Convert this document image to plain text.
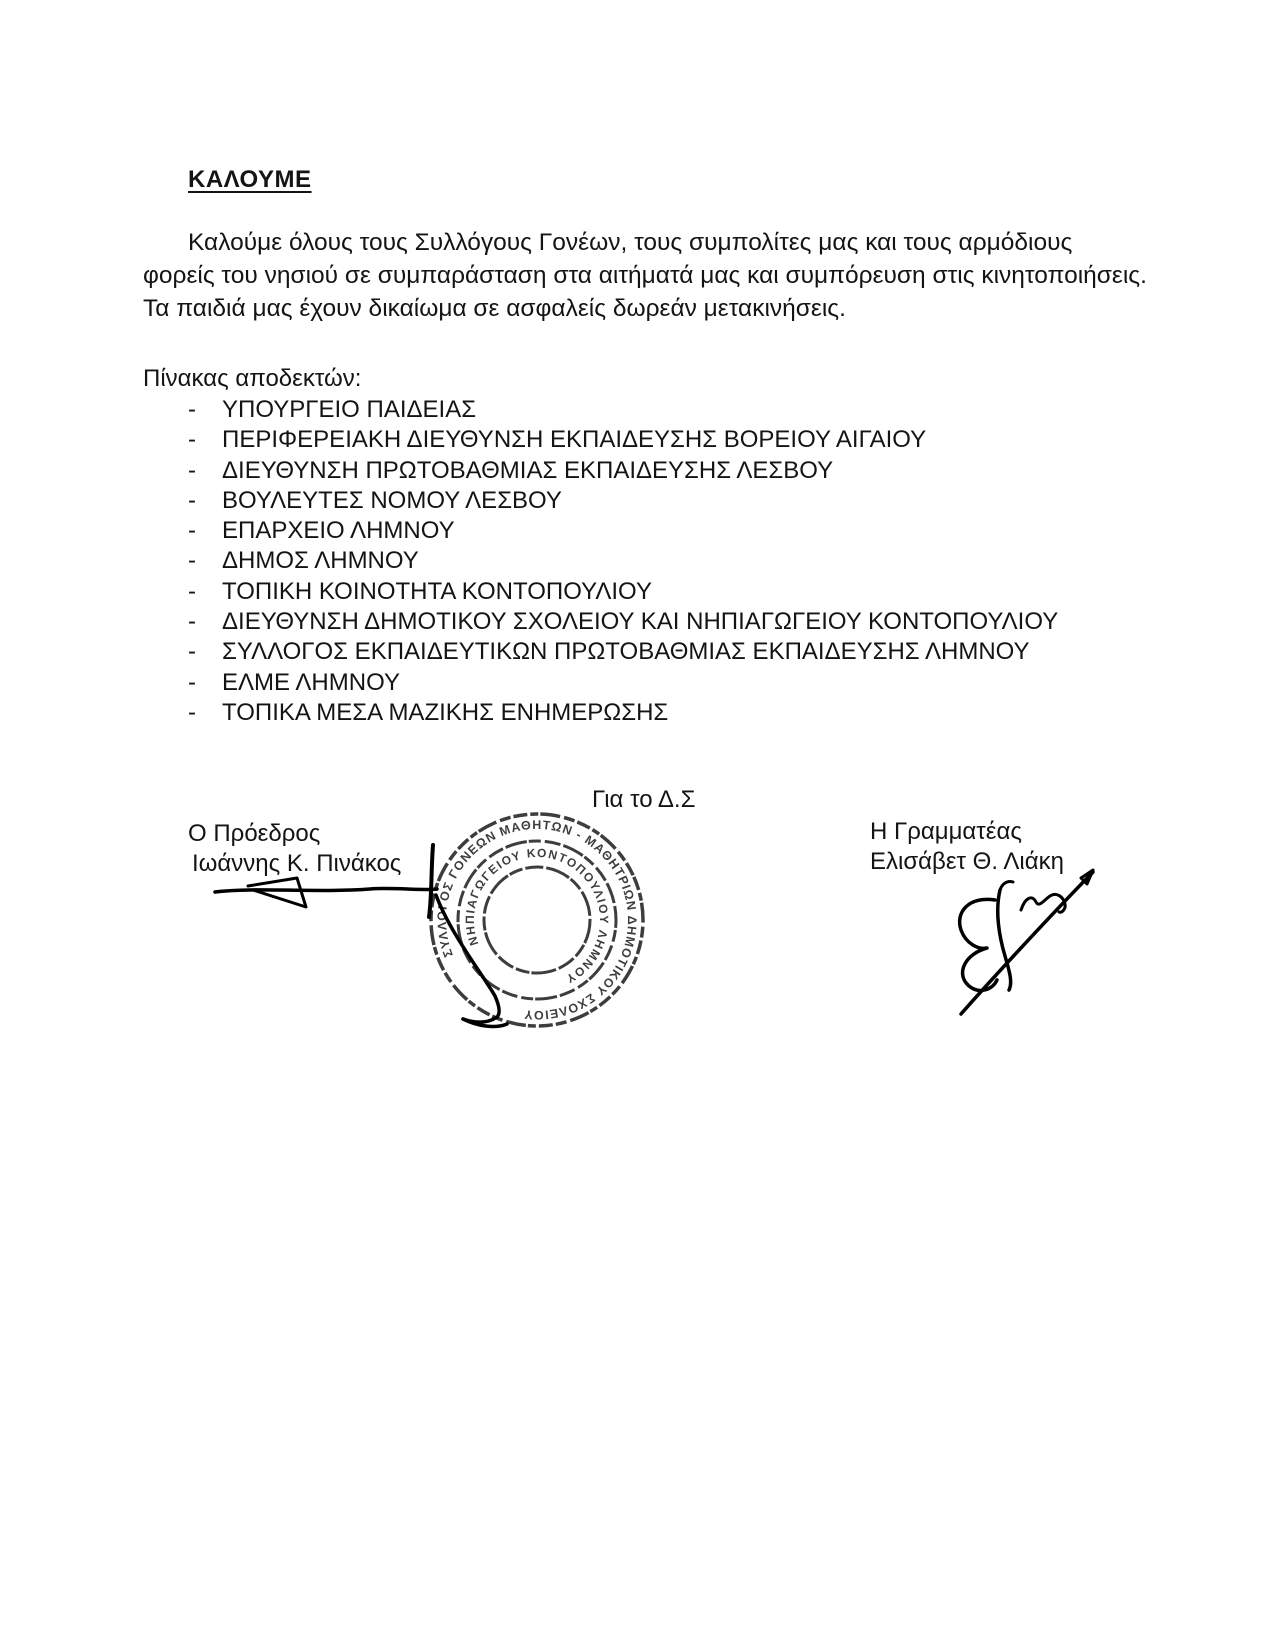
ΚΑΛΟΥΜΕ

Καλούμε όλους τους Συλλόγους Γονέων, τους συμπολίτες μας και τους αρμόδιους φορείς του νησιού σε συμπαράσταση στα αιτήματά μας και συμπόρευση στις κινητοποιήσεις.

Τα παιδιά μας έχουν δικαίωμα σε ασφαλείς δωρεάν μετακινήσεις.

Πίνακας αποδεκτών:
-	ΥΠΟΥΡΓΕΙΟ ΠΑΙΔΕΙΑΣ
-	ΠΕΡΙΦΕΡΕΙΑΚΗ ΔΙΕΥΘΥΝΣΗ ΕΚΠΑΙΔΕΥΣΗΣ ΒΟΡΕΙΟΥ ΑΙΓΑΙΟΥ
-	ΔΙΕΥΘΥΝΣΗ ΠΡΩΤΟΒΑΘΜΙΑΣ ΕΚΠΑΙΔΕΥΣΗΣ ΛΕΣΒΟΥ
-	ΒΟΥΛΕΥΤΕΣ ΝΟΜΟΥ ΛΕΣΒΟΥ
-	ΕΠΑΡΧΕΙΟ ΛΗΜΝΟΥ
-	ΔΗΜΟΣ ΛΗΜΝΟΥ
-	ΤΟΠΙΚΗ ΚΟΙΝΟΤΗΤΑ ΚΟΝΤΟΠΟΥΛΙΟΥ
-	ΔΙΕΥΘΥΝΣΗ ΔΗΜΟΤΙΚΟΥ ΣΧΟΛΕΙΟΥ ΚΑΙ ΝΗΠΙΑΓΩΓΕΙΟΥ ΚΟΝΤΟΠΟΥΛΙΟΥ
-	ΣΥΛΛΟΓΟΣ ΕΚΠΑΙΔΕΥΤΙΚΩΝ ΠΡΩΤΟΒΑΘΜΙΑΣ ΕΚΠΑΙΔΕΥΣΗΣ ΛΗΜΝΟΥ
-	ΕΛΜΕ ΛΗΜΝΟΥ
-	ΤΟΠΙΚΑ ΜΕΣΑ ΜΑΖΙΚΗΣ ΕΝΗΜΕΡΩΣΗΣ
Για το Δ.Σ
Ο Πρόεδρος
Ιωάννης Κ. Πινάκος
Η Γραμματέας
Ελισάβετ Θ. Λιάκη
ΣΥΛΛΟΓΟΣ ΓΟΝΕΩΝ ΜΑΘΗΤΩΝ - ΜΑΘΗΤΡΙΩΝ ΔΗΜΟΤΙΚΟΥ ΣΧΟΛΕΙΟΥ
ΝΗΠΙΑΓΩΓΕΙΟΥ ΚΟΝΤΟΠΟΥΛΙΟΥ ΛΗΜΝΟΥ
